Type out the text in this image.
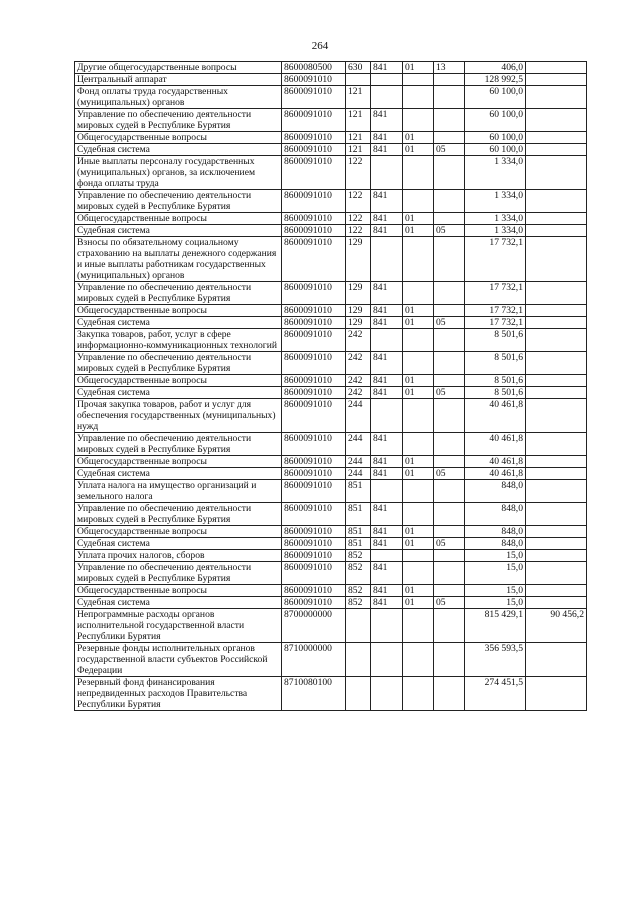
264
Другие общегосударственные вопросы	8600080500	630	841	01	13	406,0	
Центральный аппарат	8600091010					128 992,5	
Фонд оплаты труда государственных (муниципальных) органов	8600091010	121				60 100,0	
Управление по обеспечению деятельности мировых судей в Республике Бурятия	8600091010	121	841			60 100,0	
Общегосударственные вопросы	8600091010	121	841	01		60 100,0	
Судебная система	8600091010	121	841	01	05	60 100,0	
Иные выплаты персоналу государственных (муниципальных) органов, за исключением фонда оплаты труда	8600091010	122				1 334,0	
Управление по обеспечению деятельности мировых судей в Республике Бурятия	8600091010	122	841			1 334,0	
Общегосударственные вопросы	8600091010	122	841	01		1 334,0	
Судебная система	8600091010	122	841	01	05	1 334,0	
Взносы по обязательному социальному страхованию на выплаты денежного содержания и иные выплаты работникам государственных (муниципальных) органов	8600091010	129				17 732,1	
Управление по обеспечению деятельности мировых судей в Республике Бурятия	8600091010	129	841			17 732,1	
Общегосударственные вопросы	8600091010	129	841	01		17 732,1	
Судебная система	8600091010	129	841	01	05	17 732,1	
Закупка товаров, работ, услуг в сфере информационно-коммуникационных технологий	8600091010	242				8 501,6	
Управление по обеспечению деятельности мировых судей в Республике Бурятия	8600091010	242	841			8 501,6	
Общегосударственные вопросы	8600091010	242	841	01		8 501,6	
Судебная система	8600091010	242	841	01	05	8 501,6	
Прочая закупка товаров, работ и услуг для обеспечения государственных (муниципальных) нужд	8600091010	244				40 461,8	
Управление по обеспечению деятельности мировых судей в Республике Бурятия	8600091010	244	841			40 461,8	
Общегосударственные вопросы	8600091010	244	841	01		40 461,8	
Судебная система	8600091010	244	841	01	05	40 461,8	
Уплата налога на имущество организаций и земельного налога	8600091010	851				848,0	
Управление по обеспечению деятельности мировых судей в Республике Бурятия	8600091010	851	841			848,0	
Общегосударственные вопросы	8600091010	851	841	01		848,0	
Судебная система	8600091010	851	841	01	05	848,0	
Уплата прочих налогов, сборов	8600091010	852				15,0	
Управление по обеспечению деятельности мировых судей в Республике Бурятия	8600091010	852	841			15,0	
Общегосударственные вопросы	8600091010	852	841	01		15,0	
Судебная система	8600091010	852	841	01	05	15,0	
Непрограммные расходы органов исполнительной государственной власти Республики Бурятия	8700000000					815 429,1	90 456,2
Резервные фонды исполнительных органов государственной власти субъектов Российской Федерации	8710000000					356 593,5	
Резервный фонд финансирования непредвиденных расходов Правительства Республики Бурятия	8710080100					274 451,5	
